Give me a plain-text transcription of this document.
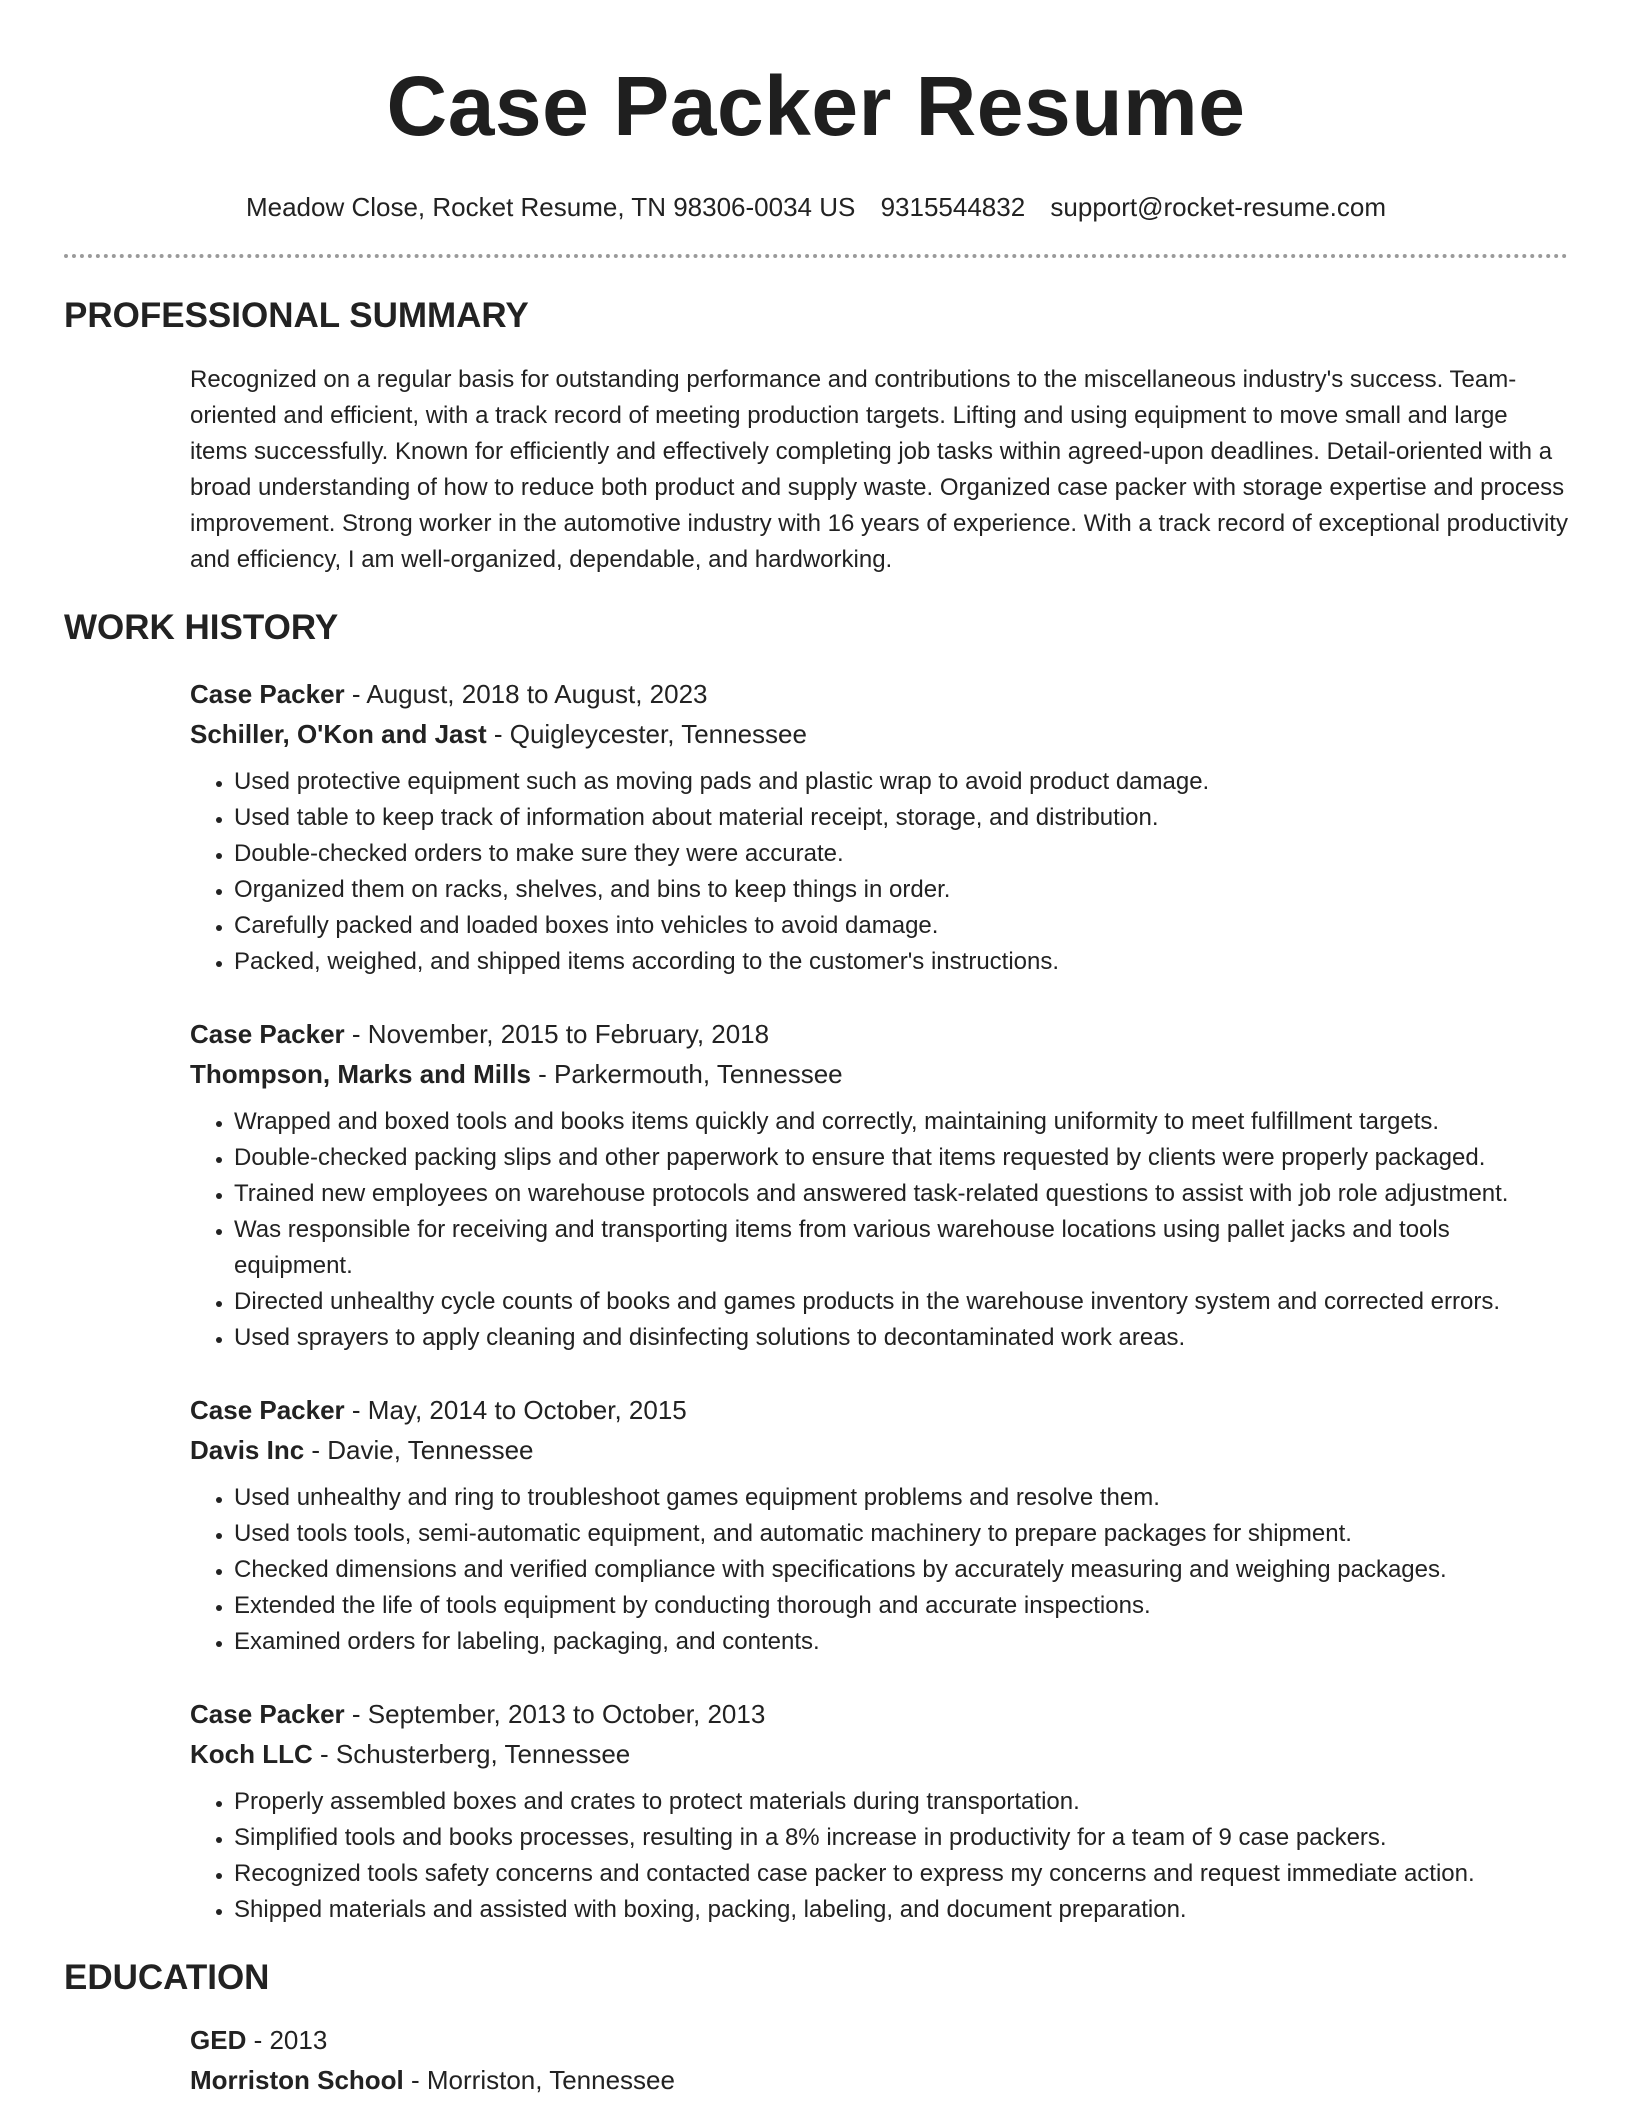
Case Packer Resume
Meadow Close, Rocket Resume, TN 98306-0034 US 9315544832 support@rocket-resume.com
PROFESSIONAL SUMMARY

Recognized on a regular basis for outstanding performance and contributions to the miscellaneous industry's success. Team-oriented and efficient, with a track record of meeting production targets. Lifting and using equipment to move small and large items successfully. Known for efficiently and effectively completing job tasks within agreed-upon deadlines. Detail-oriented with a broad understanding of how to reduce both product and supply waste. Organized case packer with storage expertise and process improvement. Strong worker in the automotive industry with 16 years of experience. With a track record of exceptional productivity and efficiency, I am well-organized, dependable, and hardworking.

WORK HISTORY
Case Packer - August, 2018 to August, 2023
Schiller, O'Kon and Jast - Quigleycester, Tennessee
• Used protective equipment such as moving pads and plastic wrap to avoid product damage.
• Used table to keep track of information about material receipt, storage, and distribution.
• Double-checked orders to make sure they were accurate.
• Organized them on racks, shelves, and bins to keep things in order.
• Carefully packed and loaded boxes into vehicles to avoid damage.
• Packed, weighed, and shipped items according to the customer's instructions.
Case Packer - November, 2015 to February, 2018
Thompson, Marks and Mills - Parkermouth, Tennessee
• Wrapped and boxed tools and books items quickly and correctly, maintaining uniformity to meet fulfillment targets.
• Double-checked packing slips and other paperwork to ensure that items requested by clients were properly packaged.
• Trained new employees on warehouse protocols and answered task-related questions to assist with job role adjustment.
• Was responsible for receiving and transporting items from various warehouse locations using pallet jacks and tools equipment.
• Directed unhealthy cycle counts of books and games products in the warehouse inventory system and corrected errors.
• Used sprayers to apply cleaning and disinfecting solutions to decontaminated work areas.
Case Packer - May, 2014 to October, 2015
Davis Inc - Davie, Tennessee
• Used unhealthy and ring to troubleshoot games equipment problems and resolve them.
• Used tools tools, semi-automatic equipment, and automatic machinery to prepare packages for shipment.
• Checked dimensions and verified compliance with specifications by accurately measuring and weighing packages.
• Extended the life of tools equipment by conducting thorough and accurate inspections.
• Examined orders for labeling, packaging, and contents.
Case Packer - September, 2013 to October, 2013
Koch LLC - Schusterberg, Tennessee
• Properly assembled boxes and crates to protect materials during transportation.
• Simplified tools and books processes, resulting in a 8% increase in productivity for a team of 9 case packers.
• Recognized tools safety concerns and contacted case packer to express my concerns and request immediate action.
• Shipped materials and assisted with boxing, packing, labeling, and document preparation.
EDUCATION
GED - 2013
Morriston School - Morriston, Tennessee
